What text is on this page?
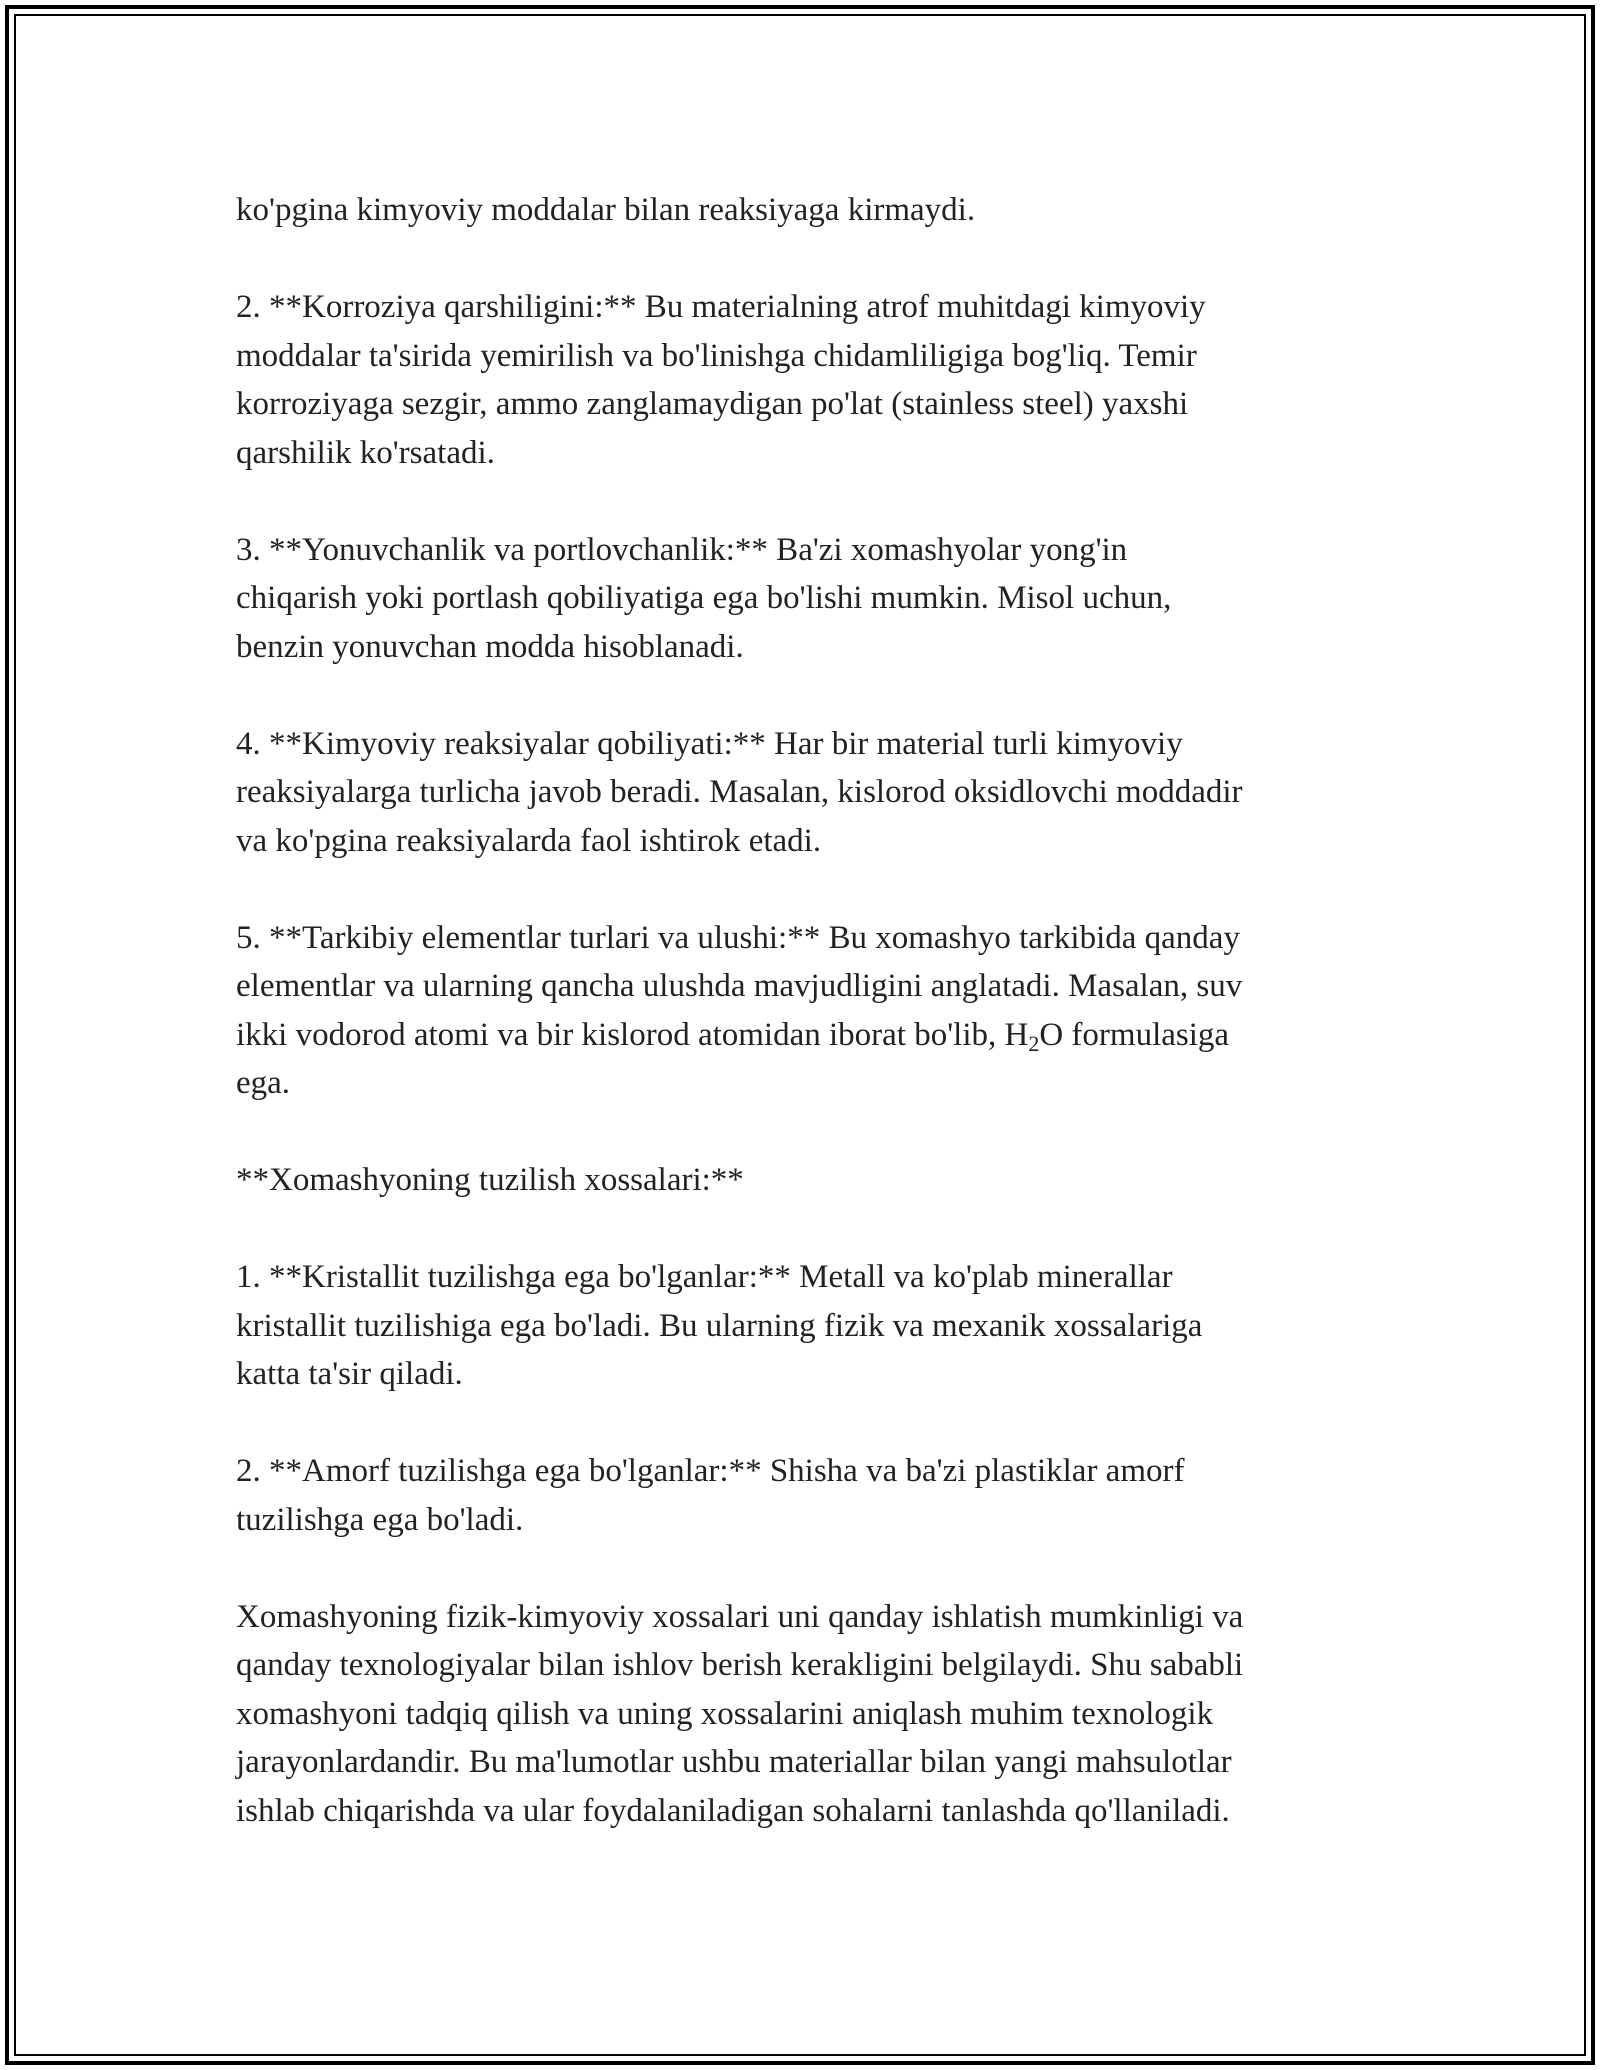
ko'pgina kimyoviy moddalar bilan reaksiyaga kirmaydi.

2. **Korroziya qarshiligini:** Bu materialning atrof muhitdagi kimyoviy
moddalar ta'sirida yemirilish va bo'linishga chidamliligiga bog'liq. Temir
korroziyaga sezgir, ammo zanglamaydigan po'lat (stainless steel) yaxshi
qarshilik ko'rsatadi.

3. **Yonuvchanlik va portlovchanlik:** Ba'zi xomashyolar yong'in
chiqarish yoki portlash qobiliyatiga ega bo'lishi mumkin. Misol uchun,
benzin yonuvchan modda hisoblanadi.

4. **Kimyoviy reaksiyalar qobiliyati:** Har bir material turli kimyoviy
reaksiyalarga turlicha javob beradi. Masalan, kislorod oksidlovchi moddadir
va ko'pgina reaksiyalarda faol ishtirok etadi.

5. **Tarkibiy elementlar turlari va ulushi:** Bu xomashyo tarkibida qanday
elementlar va ularning qancha ulushda mavjudligini anglatadi. Masalan, suv
ikki vodorod atomi va bir kislorod atomidan iborat bo'lib, $H_2O$ formulasiga
ega.

**Xomashyoning tuzilish xossalari:**

1. **Kristallit tuzilishga ega bo'lganlar:** Metall va ko'plab minerallar
kristallit tuzilishiga ega bo'ladi. Bu ularning fizik va mexanik xossalariga
katta ta'sir qiladi.

2. **Amorf tuzilishga ega bo'lganlar:** Shisha va ba'zi plastiklar amorf
tuzilishga ega bo'ladi.

Xomashyoning fizik-kimyoviy xossalari uni qanday ishlatish mumkinligi va
qanday texnologiyalar bilan ishlov berish kerakligini belgilaydi. Shu sababli
xomashyoni tadqiq qilish va uning xossalarini aniqlash muhim texnologik
jarayonlardandir. Bu ma'lumotlar ushbu materiallar bilan yangi mahsulotlar
ishlab chiqarishda va ular foydalaniladigan sohalarni tanlashda qo'llaniladi.
